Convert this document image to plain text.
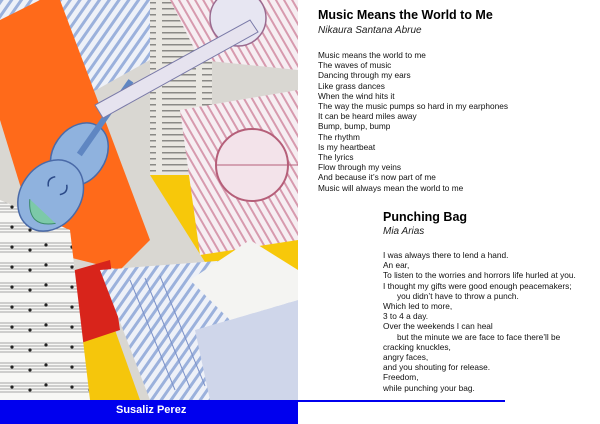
Susaliz Perez
Music Means the World to Me

Nikaura Santana Abrue

Music means the world to me
The waves of music
Dancing through my ears
Like grass dances
When the wind hits it
The way the music pumps so hard in my earphones
It can be heard miles away
Bump, bump, bump
The rhythm
Is my heartbeat
The lyrics
Flow through my veins
And because it’s now part of me
Music will always mean the world to me
Punching Bag

Mia Arias

I was always there to lend a hand.
An ear,
To listen to the worries and horrors life hurled at you.
I thought my gifts were good enough peacemakers;
you didn’t have to throw a punch.
Which led to more,
3 to 4 a day.
Over the weekends I can heal
but the minute we are face to face there’ll be
cracking knuckles,
angry faces,
and you shouting for release.
Freedom,
while punching your bag.
